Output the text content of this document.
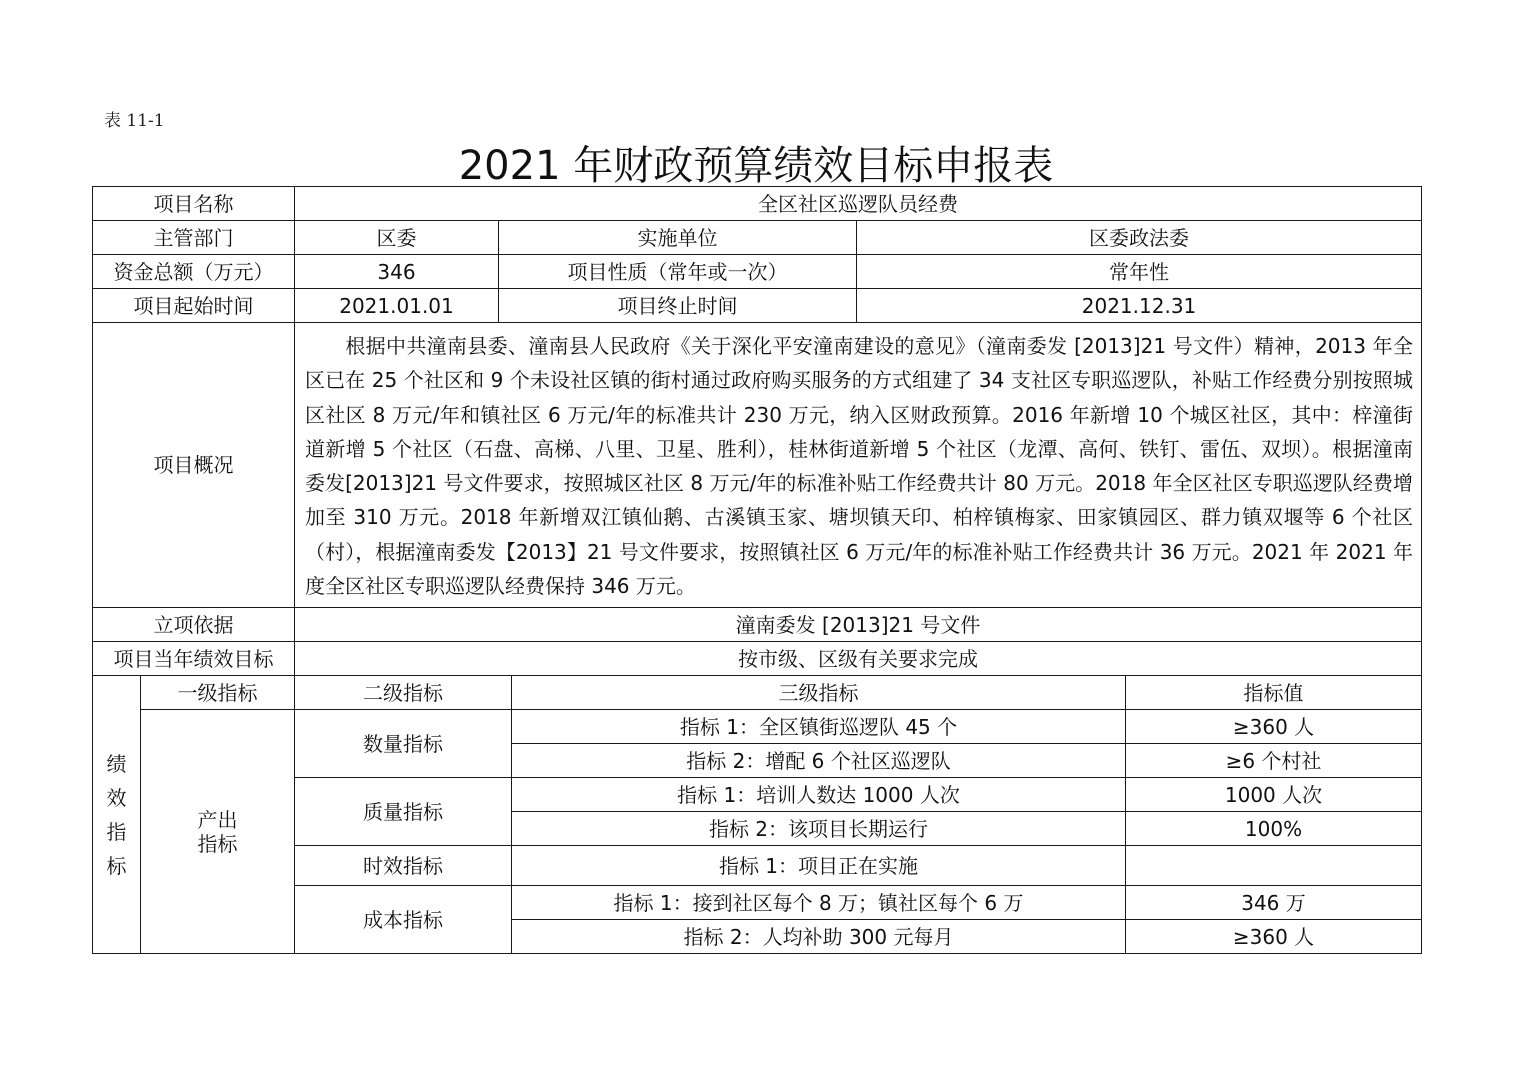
表 11-1
2021 年财政预算绩效目标申报表
项目名称		全区社区巡逻队员经费				
主管部门		区委	实施单位		区委政法委	
资金总额（万元）		346	项目性质（常年或一次）		常年性	
项目起始时间		2021.01.01	项目终止时间		2021.12.31	
项目概况		根据中共潼南县委、潼南县人民政府《关于深化平安潼南建设的意见》（潼南委发 [2013]21 号文件）精神，2013 年全区已在 25 个社区和 9 个未设社区镇的街村通过政府购买服务的方式组建了 34 支社区专职巡逻队，补贴工作经费分别按照城区社区 8 万元/年和镇社区 6 万元/年的标准共计 230 万元，纳入区财政预算。2016 年新增 10 个城区社区，其中：梓潼街道新增 5 个社区（石盘、高梯、八里、卫星、胜利），桂林街道新增 5 个社区（龙潭、高何、铁钉、雷伍、双坝）。根据潼南委发[2013]21 号文件要求，按照城区社区 8 万元/年的标准补贴工作经费共计 80 万元。2018 年全区社区专职巡逻队经费增加至 310 万元。2018 年新增双江镇仙鹅、古溪镇玉家、塘坝镇天印、柏梓镇梅家、田家镇园区、群力镇双堰等 6 个社区（村），根据潼南委发【2013】21 号文件要求，按照镇社区 6 万元/年的标准补贴工作经费共计 36 万元。2021 年 2021 年度全区社区专职巡逻队经费保持 346 万元。				
立项依据		潼南委发 [2013]21 号文件				
项目当年绩效目标		按市级、区级有关要求完成				
绩
效
指
标	一级指标	二级指标		三级指标		指标值
	产出
指标	数量指标		指标 1：全区镇街巡逻队 45 个		≥360 人
				指标 2：增配 6 个社区巡逻队		≥6 个村社
		质量指标		指标 1：培训人数达 1000 人次		1000 人次
				指标 2：该项目长期运行		100%
		时效指标		指标 1：项目正在实施		
		成本指标		指标 1：接到社区每个 8 万；镇社区每个 6 万		346 万
				指标 2：人均补助 300 元每月		≥360 人
